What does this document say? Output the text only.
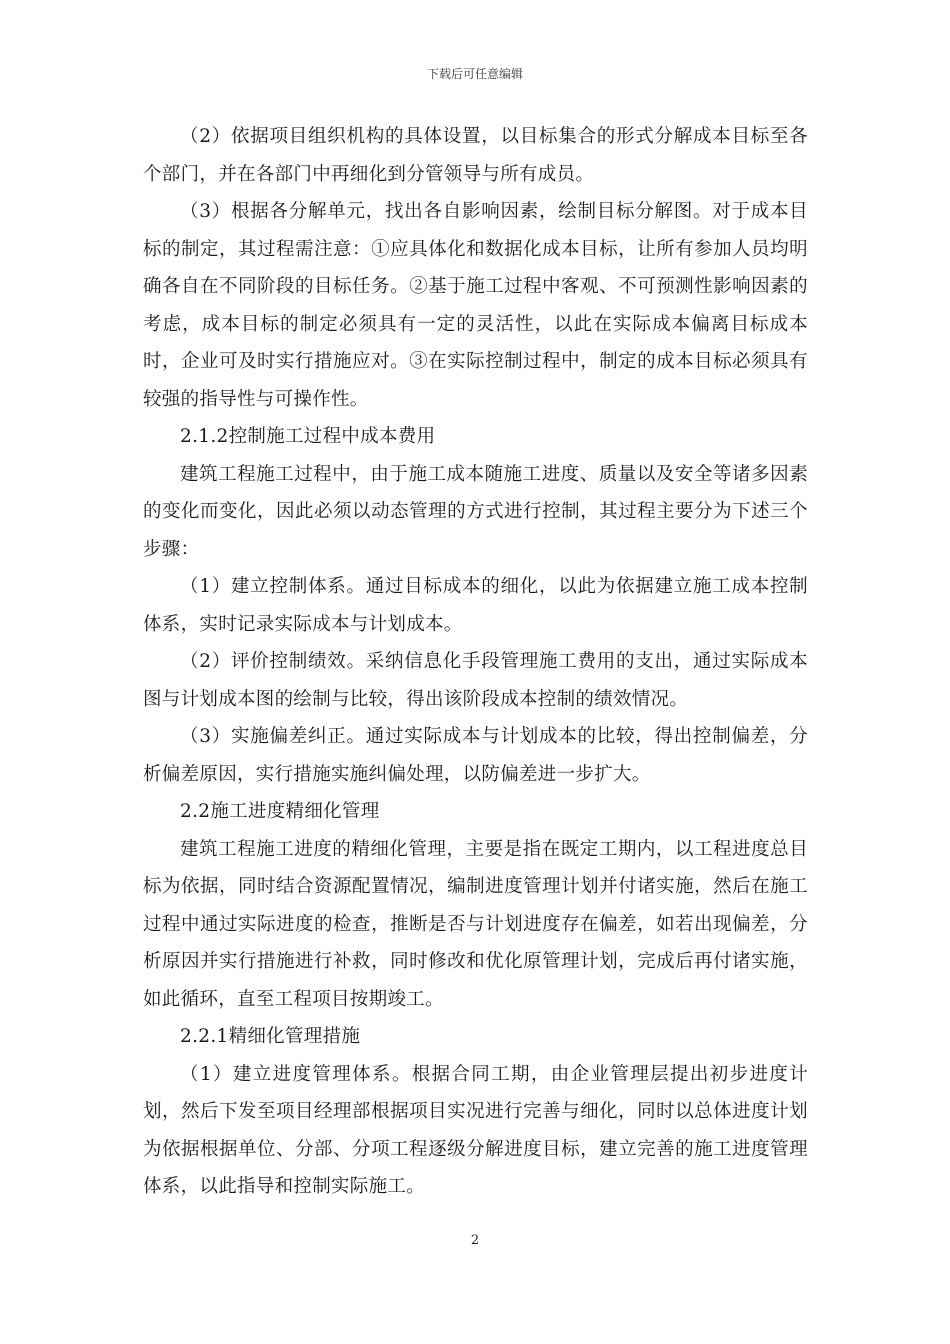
下载后可任意编辑

（2）依据项目组织机构的具体设置，以目标集合的形式分解成本目标至各个部门，并在各部门中再细化到分管领导与所有成员。

（3）根据各分解单元，找出各自影响因素，绘制目标分解图。对于成本目标的制定，其过程需注意：①应具体化和数据化成本目标，让所有参加人员均明确各自在不同阶段的目标任务。②基于施工过程中客观、不可预测性影响因素的考虑，成本目标的制定必须具有一定的灵活性，以此在实际成本偏离目标成本时，企业可及时实行措施应对。③在实际控制过程中，制定的成本目标必须具有较强的指导性与可操作性。

2.1.2控制施工过程中成本费用

建筑工程施工过程中，由于施工成本随施工进度、质量以及安全等诸多因素的变化而变化，因此必须以动态管理的方式进行控制，其过程主要分为下述三个步骤：

（1）建立控制体系。通过目标成本的细化，以此为依据建立施工成本控制体系，实时记录实际成本与计划成本。

（2）评价控制绩效。采纳信息化手段管理施工费用的支出，通过实际成本图与计划成本图的绘制与比较，得出该阶段成本控制的绩效情况。

（3）实施偏差纠正。通过实际成本与计划成本的比较，得出控制偏差，分析偏差原因，实行措施实施纠偏处理，以防偏差进一步扩大。

2.2施工进度精细化管理

建筑工程施工进度的精细化管理，主要是指在既定工期内，以工程进度总目标为依据，同时结合资源配置情况，编制进度管理计划并付诸实施，然后在施工过程中通过实际进度的检查，推断是否与计划进度存在偏差，如若出现偏差，分析原因并实行措施进行补救，同时修改和优化原管理计划，完成后再付诸实施，如此循环，直至工程项目按期竣工。

2.2.1精细化管理措施

（1）建立进度管理体系。根据合同工期，由企业管理层提出初步进度计划，然后下发至项目经理部根据项目实况进行完善与细化，同时以总体进度计划为依据根据单位、分部、分项工程逐级分解进度目标，建立完善的施工进度管理体系，以此指导和控制实际施工。

2
